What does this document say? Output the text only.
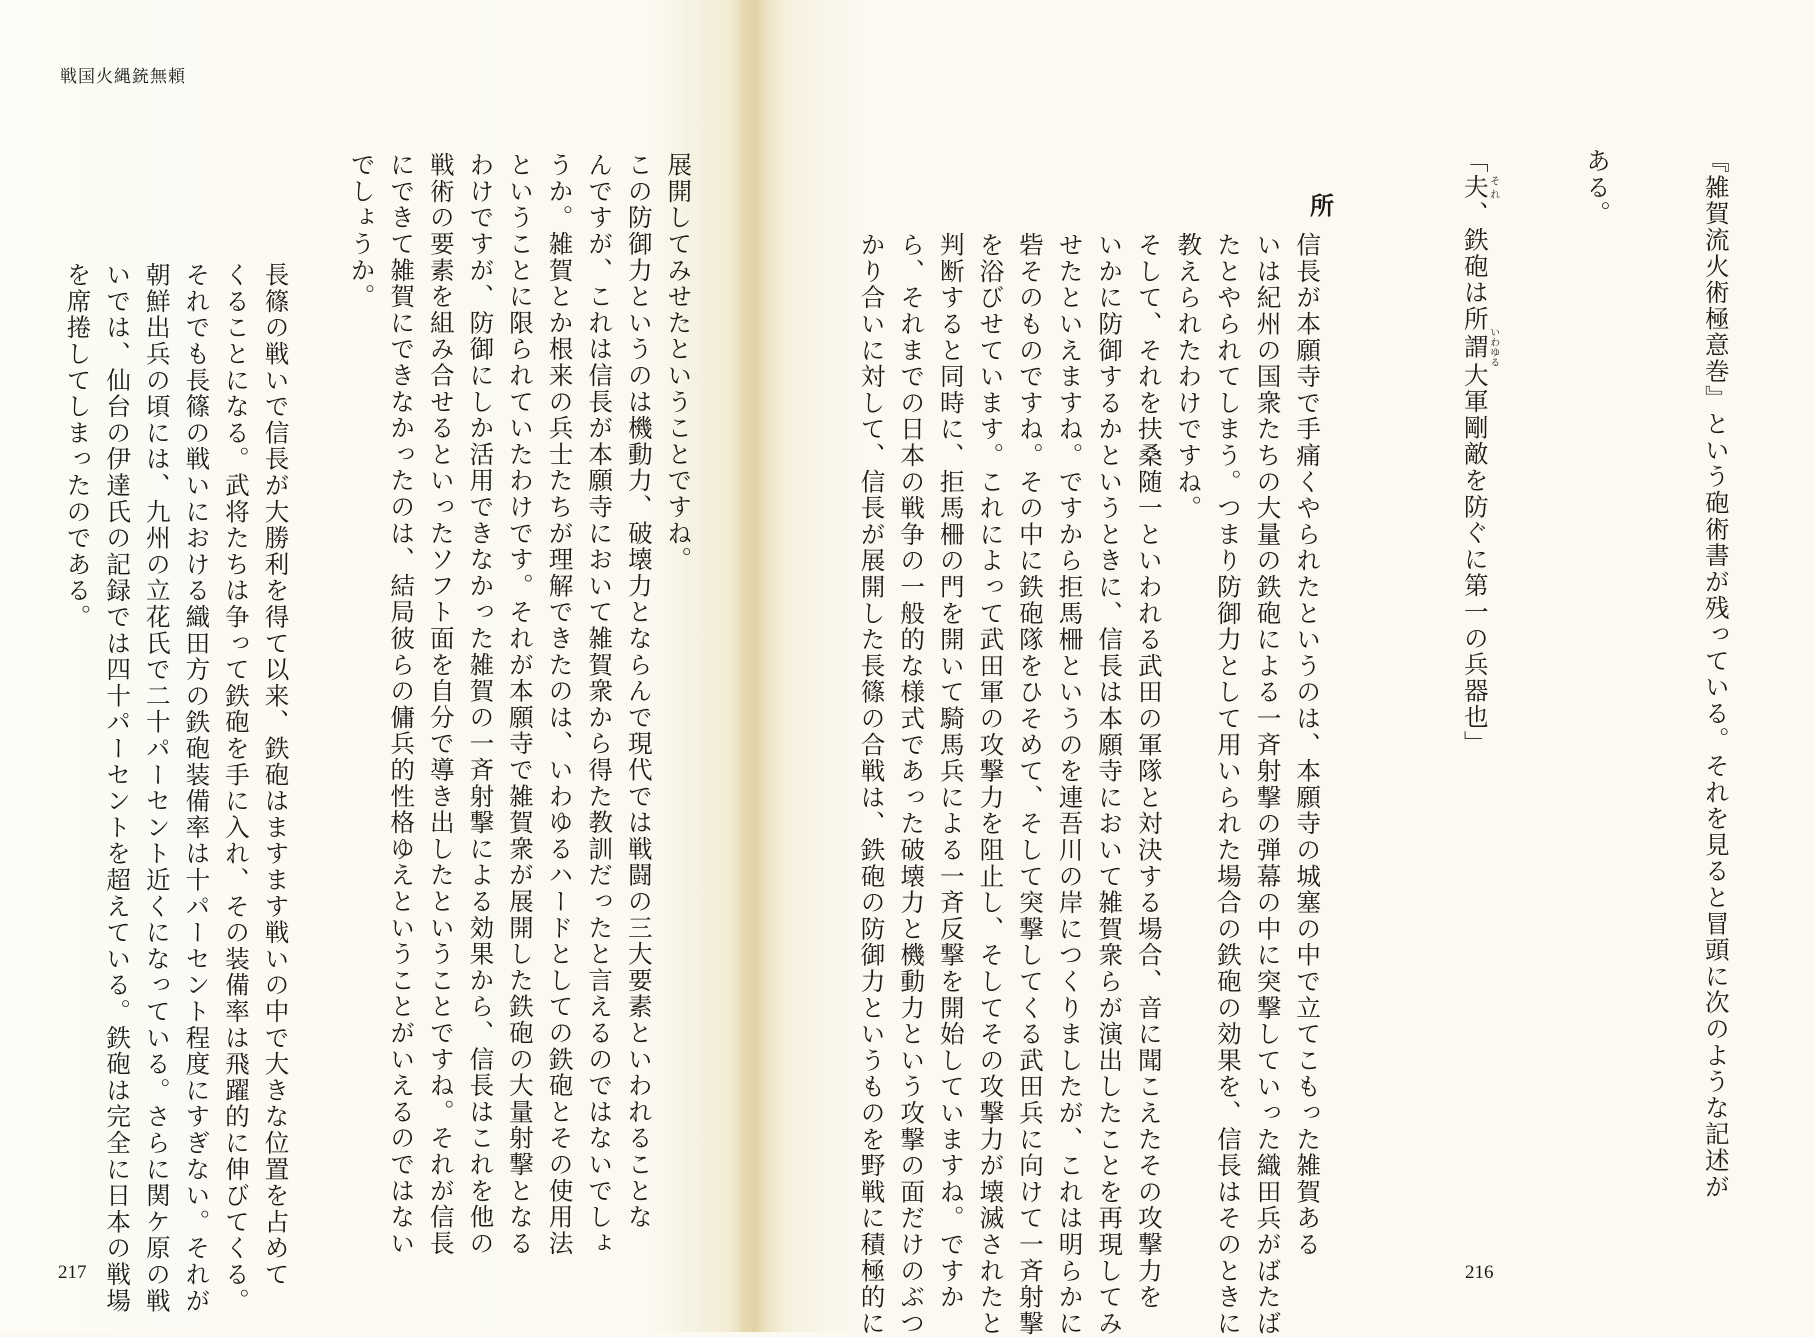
戦国火縄銃無頼

『雑賀流火術極意巻』という砲術書が残っている。それを見ると冒頭に次のような記述が

ある。

「夫それ、鉄砲は所謂いわゆる大軍剛敵を防ぐに第一の兵器也」

所
信長が本願寺で手痛くやられたというのは、本願寺の城塞の中で立てこもった雑賀ある
いは紀州の国衆たちの大量の鉄砲による一斉射撃の弾幕の中に突撃していった織田兵がばたば
たとやられてしまう。つまり防御力として用いられた場合の鉄砲の効果を、信長はそのときに
教えられたわけですね。
そして、それを扶桑随一といわれる武田の軍隊と対決する場合、音に聞こえたその攻撃力を
いかに防御するかというときに、信長は本願寺において雑賀衆らが演出したことを再現してみ
せたといえますね。ですから拒馬柵というのを連吾川の岸につくりましたが、これは明らかに
砦そのものですね。その中に鉄砲隊をひそめて、そして突撃してくる武田兵に向けて一斉射撃
を浴びせています。これによって武田軍の攻撃力を阻止し、そしてその攻撃力が壊滅されたと
判断すると同時に、拒馬柵の門を開いて騎馬兵による一斉反撃を開始していますね。ですか
ら、それまでの日本の戦争の一般的な様式であった破壊力と機動力という攻撃の面だけのぶつ
かり合いに対して、信長が展開した長篠の合戦は、鉄砲の防御力というものを野戦に積極的に
展開してみせたということですね。
この防御力というのは機動力、破壊力とならんで現代では戦闘の三大要素といわれることな
んですが、これは信長が本願寺において雑賀衆から得た教訓だったと言えるのではないでしょ
うか。雑賀とか根来の兵士たちが理解できたのは、いわゆるハードとしての鉄砲とその使用法
ということに限られていたわけです。それが本願寺で雑賀衆が展開した鉄砲の大量射撃となる
わけですが、防御にしか活用できなかった雑賀の一斉射撃による効果から、信長はこれを他の
戦術の要素を組み合せるといったソフト面を自分で導き出したということですね。それが信長
にできて雑賀にできなかったのは、結局彼らの傭兵的性格ゆえということがいえるのではない
でしょうか。
長篠の戦いで信長が大勝利を得て以来、鉄砲はますます戦いの中で大きな位置を占めて
くることになる。武将たちは争って鉄砲を手に入れ、その装備率は飛躍的に伸びてくる。
それでも長篠の戦いにおける織田方の鉄砲装備率は十パーセント程度にすぎない。それが
朝鮮出兵の頃には、九州の立花氏で二十パーセント近くになっている。さらに関ケ原の戦
いでは、仙台の伊達氏の記録では四十パーセントを超えている。鉄砲は完全に日本の戦場
を席捲してしまったのである。
217	216
